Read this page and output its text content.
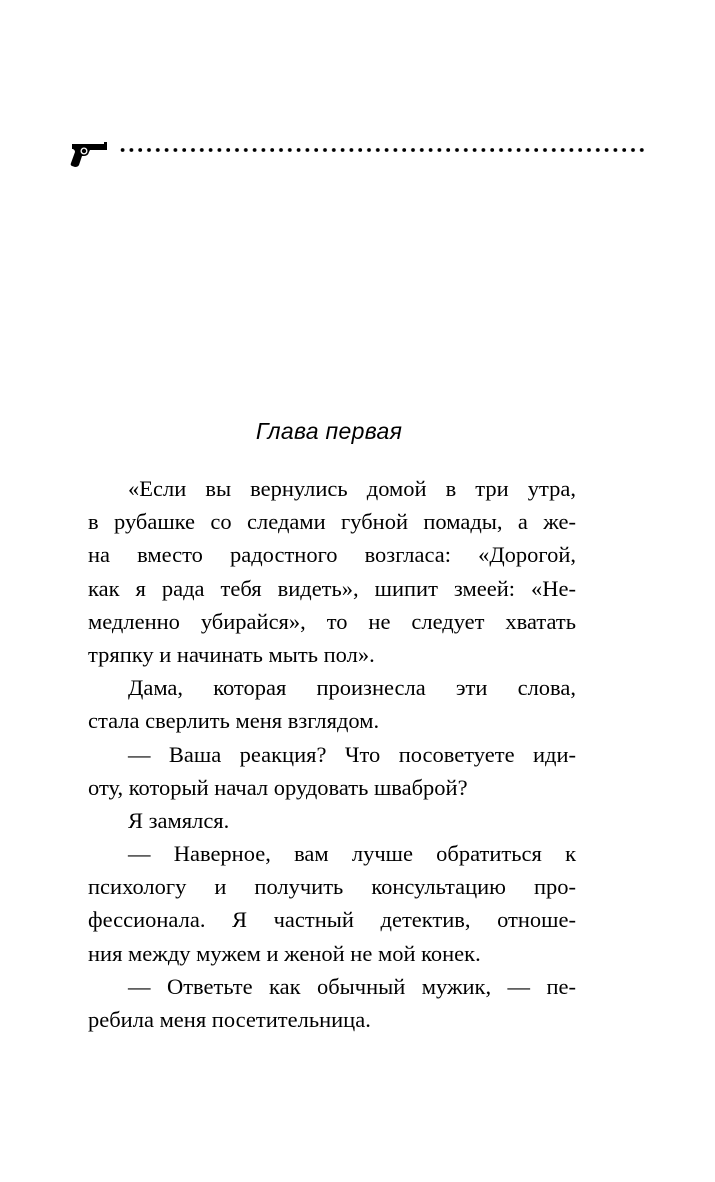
Глава первая
«Если вы вернулись домой в три утра,
в рубашке со следами губной помады, а же-
на вместо радостного возгласа: «Дорогой,
как я рада тебя видеть», шипит змеей: «Не-
медленно убирайся», то не следует хватать
тряпку и начинать мыть пол».
Дама, которая произнесла эти слова,
стала сверлить меня взглядом.
— Ваша реакция? Что посоветуете иди-
оту, который начал орудовать шваброй?
Я замялся.
— Наверное, вам лучше обратиться к
психологу и получить консультацию про-
фессионала. Я частный детектив, отноше-
ния между мужем и женой не мой конек.
— Ответьте как обычный мужик, — пе-
ребила меня посетительница.
